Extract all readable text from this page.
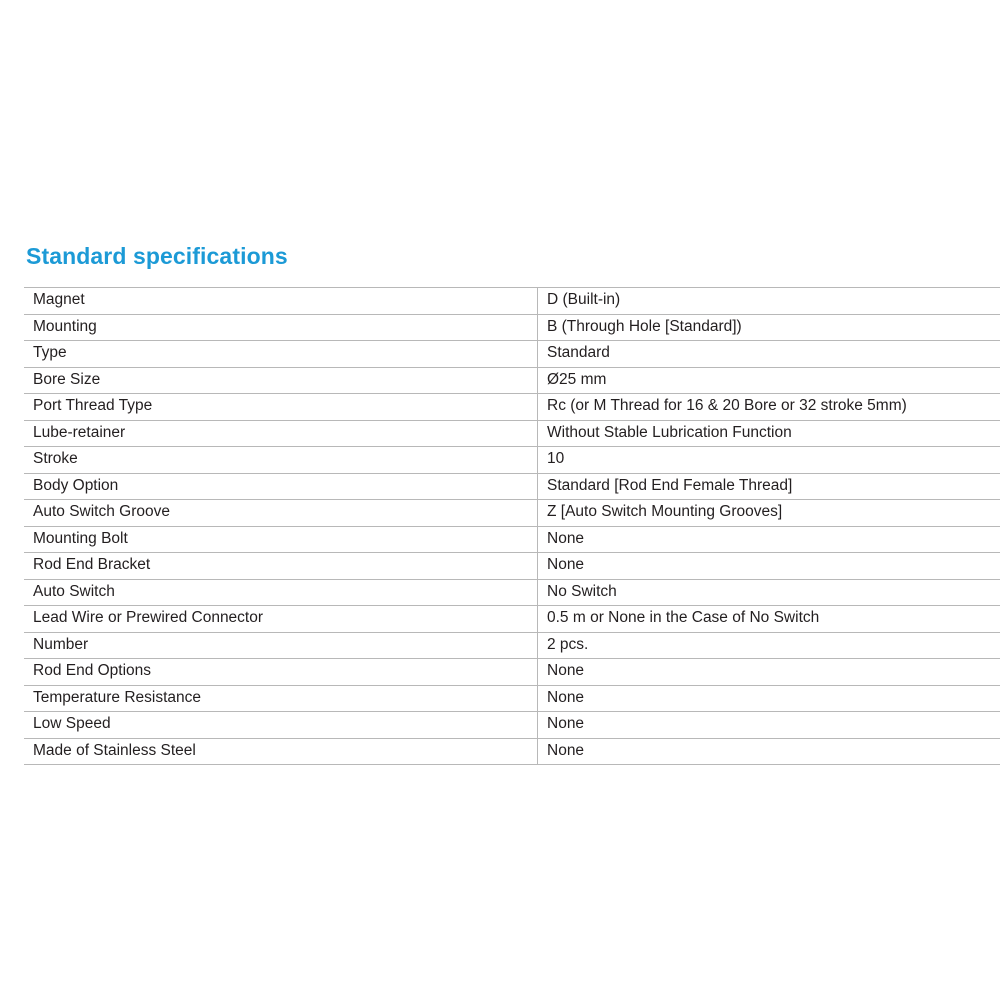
Standard specifications
Magnet	D (Built-in)
Mounting	B (Through Hole [Standard])
Type	Standard
Bore Size	Ø25 mm
Port Thread Type	Rc (or M Thread for 16 & 20 Bore or 32 stroke 5mm)
Lube-retainer	Without Stable Lubrication Function
Stroke	10
Body Option	Standard [Rod End Female Thread]
Auto Switch Groove	Z [Auto Switch Mounting Grooves]
Mounting Bolt	None
Rod End Bracket	None
Auto Switch	No Switch
Lead Wire or Prewired Connector	0.5 m or None in the Case of No Switch
Number	2 pcs.
Rod End Options	None
Temperature Resistance	None
Low Speed	None
Made of Stainless Steel	None
